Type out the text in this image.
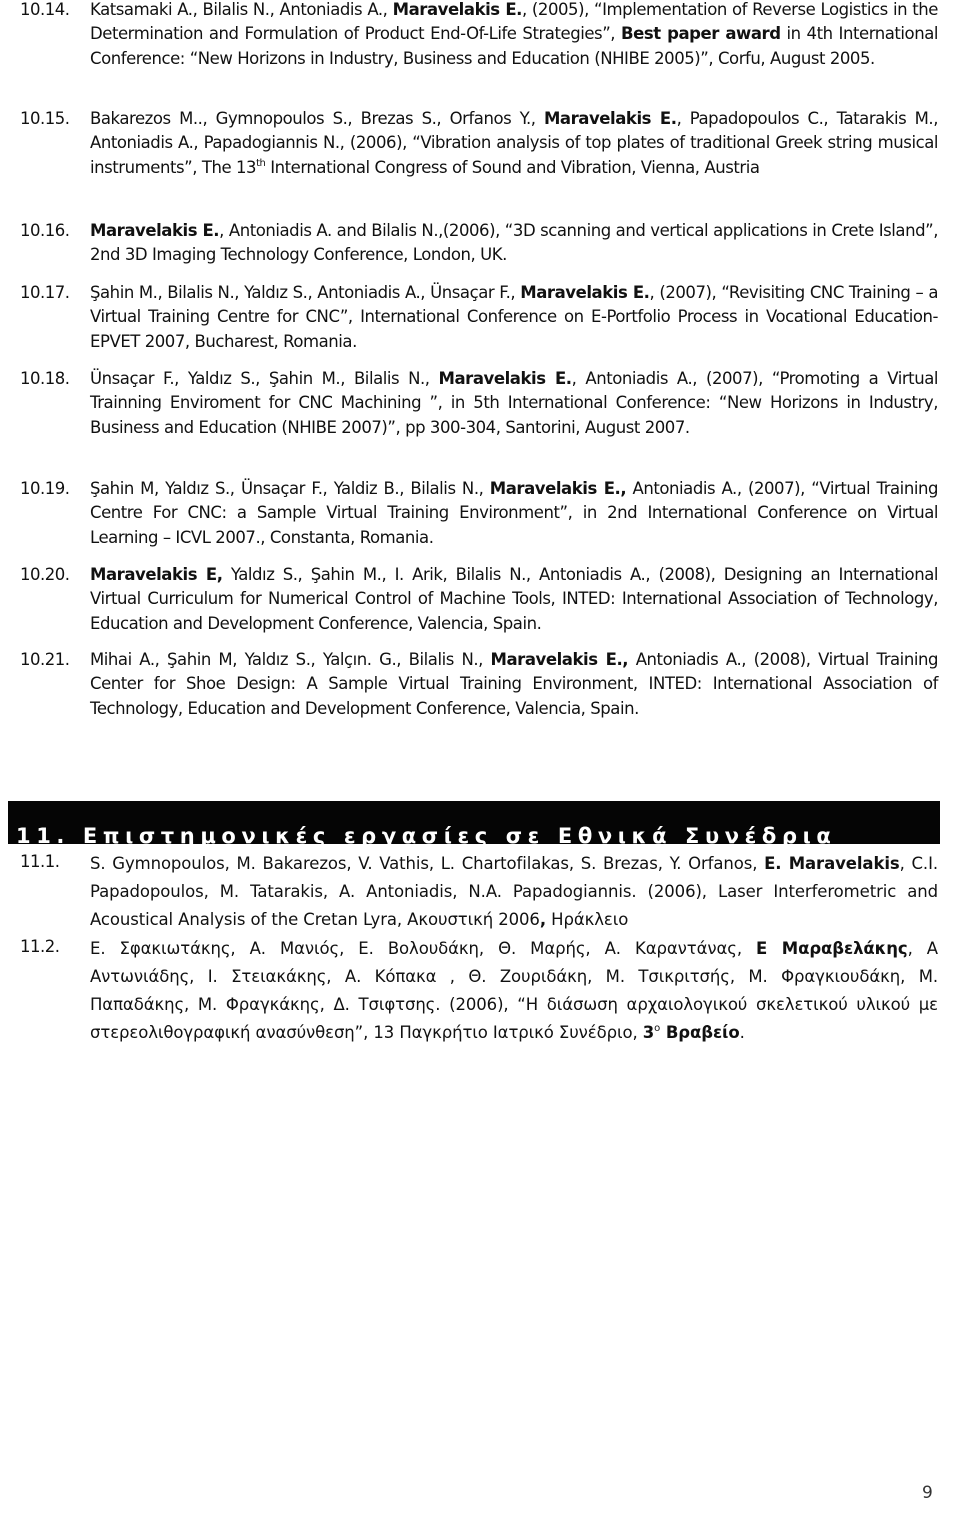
10.14. Katsamaki A., Bilalis N., Antoniadis A., Maravelakis E., (2005), “Implementation of Reverse Logistics in the Determination and Formulation of Product End-Of-Life Strategies”, Best paper award in 4th International Conference: “New Horizons in Industry, Business and Education (NHIBE 2005)”, Corfu, August 2005.
10.15. Bakarezos M.., Gymnopoulos S., Brezas S., Orfanos Y., Maravelakis E., Papadopoulos C., Tatarakis M., Antoniadis A., Papadogiannis N., (2006), “Vibration analysis of top plates of traditional Greek string musical instruments”, The 13th International Congress of Sound and Vibration, Vienna, Austria
10.16. Maravelakis E., Antoniadis A. and Bilalis N.,(2006), “3D scanning and vertical applications in Crete Island”, 2nd 3D Imaging Technology Conference, London, UK.
10.17. Şahin M., Bilalis N., Yaldız S., Antoniadis A., Ünsaçar F., Maravelakis E., (2007), “Revisiting CNC Training – a Virtual Training Centre for CNC”, International Conference on E-Portfolio Process in Vocational Education- EPVET 2007, Bucharest, Romania.
10.18. Ünsaçar F., Yaldız S., Şahin M., Bilalis N., Maravelakis E., Antoniadis A., (2007), “Promoting a Virtual Trainning Enviroment for CNC Machining ”, in 5th International Conference: “New Horizons in Industry, Business and Education (NHIBE 2007)”, pp 300-304, Santorini, August 2007.
10.19. Şahin M, Yaldız S., Ünsaçar F., Yaldiz B., Bilalis N., Maravelakis E., Antoniadis A., (2007), “Virtual Training Centre For CNC: a Sample Virtual Training Environment”, in 2nd International Conference on Virtual Learning – ICVL 2007., Constanta, Romania.
10.20. Maravelakis E, Yaldız S., Şahin M., I. Arik, Bilalis N., Antoniadis A., (2008), Designing an International Virtual Curriculum for Numerical Control of Machine Tools, INTED: International Association of Technology, Education and Development Conference, Valencia, Spain.
10.21. Mihai A., Şahin M, Yaldız S., Yalçın. G., Bilalis N., Maravelakis E., Antoniadis A., (2008), Virtual Training Center for Shoe Design: A Sample Virtual Training Environment, INTED: International Association of Technology, Education and Development Conference, Valencia, Spain.
11. Επιστημονικές εργασίες σε Εθνικά Συνέδρια
11.1. S. Gymnopoulos, M. Bakarezos, V. Vathis, L. Chartofilakas, S. Brezas, Y. Orfanos, E. Maravelakis, C.I. Papadopoulos, M. Tatarakis, A. Antoniadis, N.A. Papadogiannis. (2006), Laser Interferometric and Acoustical Analysis of the Cretan Lyra, Ακουστική 2006, Ηράκλειο
11.2. Ε. Σφακιωτάκης, Α. Μανιός, Ε. Βολουδάκη, Θ. Μαρής, Α. Καραντάνας, Ε Μαραβελάκης, Α Αντωνιάδης, Ι. Στειακάκης, Α. Κόπακα , Θ. Ζουριδάκη, Μ. Τσικριτσής, Μ. Φραγκιουδάκη, Μ. Παπαδάκης, Μ. Φραγκάκης, Δ. Τσιφτσης. (2006), “Η διάσωση αρχαιολογικού σκελετικού υλικού με στερεολιθογραφική ανασύνθεση”, 13 Παγκρήτιο Ιατρικό Συνέδριο, $3^o$ Βραβείο.
9
